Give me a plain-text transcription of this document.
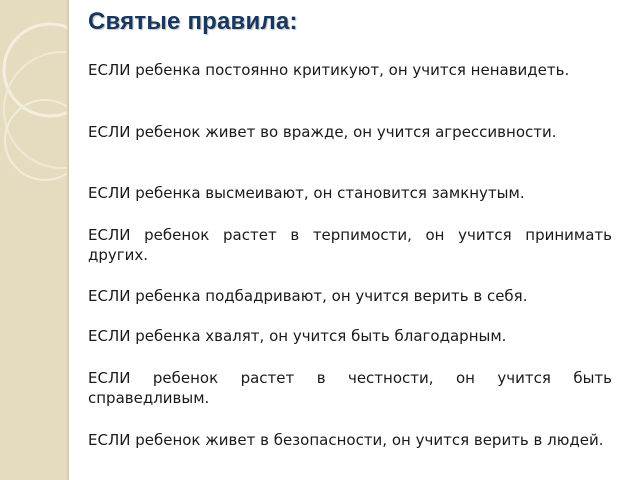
Святые правила:
ЕСЛИ ребенка постоянно критикуют, он учится ненавидеть.
ЕСЛИ ребенок живет во вражде, он учится агрессивности.
ЕСЛИ ребенка высмеивают, он становится замкнутым.
ЕСЛИ ребенок растет в терпимости, он учится принимать других.
ЕСЛИ ребенка подбадривают, он учится верить в себя.
ЕСЛИ ребенка хвалят, он учится быть благодарным.
ЕСЛИ ребенок растет в честности, он учится быть справедливым.
ЕСЛИ ребенок живет в безопасности, он учится верить в людей.
